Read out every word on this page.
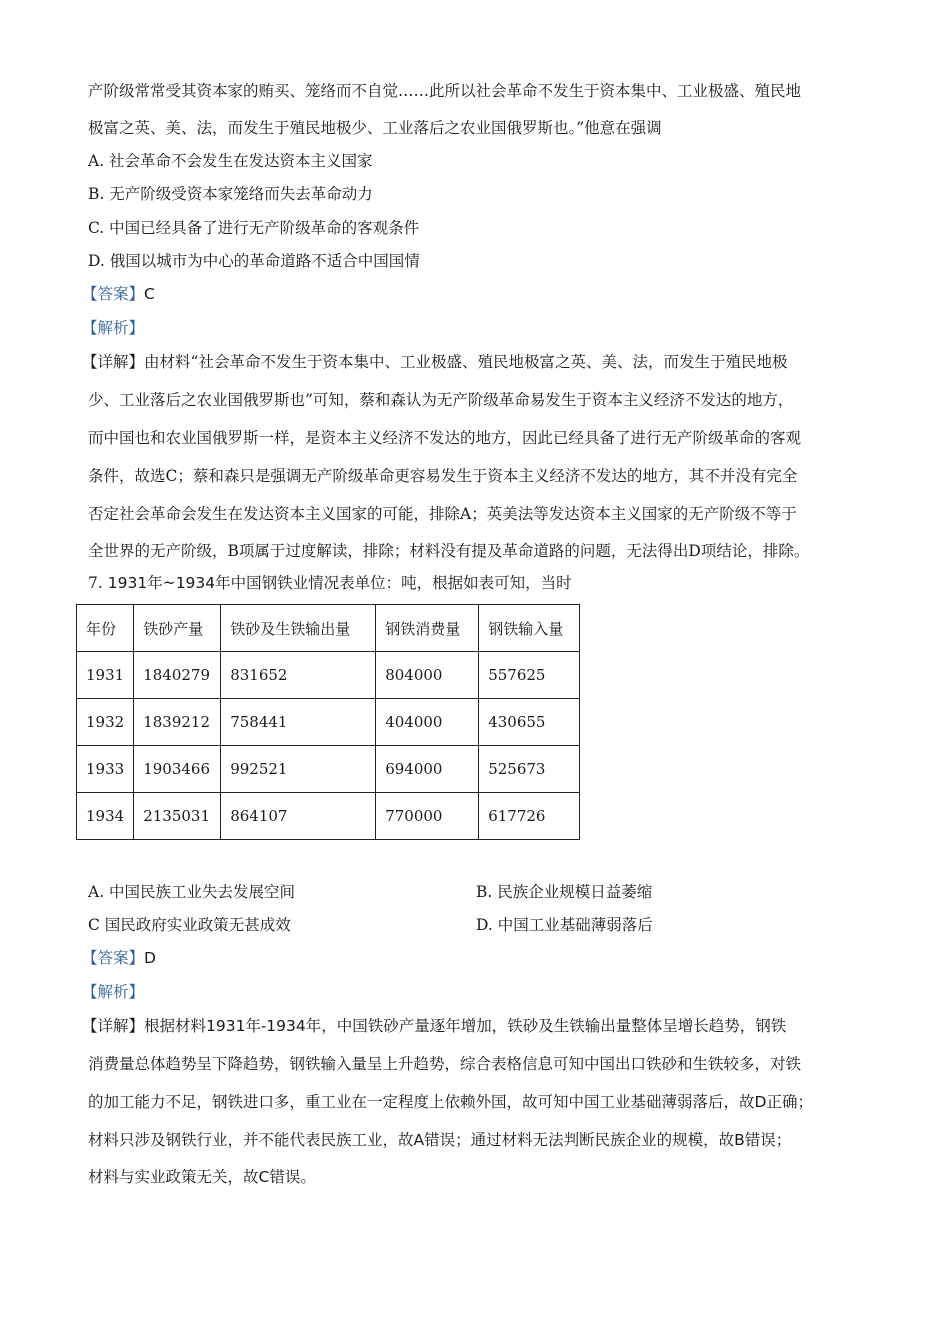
产阶级常常受其资本家的贿买、笼络而不自觉……此所以社会革命不发生于资本集中、工业极盛、殖民地
极富之英、美、法，而发生于殖民地极少、工业落后之农业国俄罗斯也。”他意在强调
A. 社会革命不会发生在发达资本主义国家
B. 无产阶级受资本家笼络而失去革命动力
C. 中国已经具备了进行无产阶级革命的客观条件
D. 俄国以城市为中心的革命道路不适合中国国情
【答案】C
【解析】
【详解】由材料“社会革命不发生于资本集中、工业极盛、殖民地极富之英、美、法，而发生于殖民地极
少、工业落后之农业国俄罗斯也”可知，蔡和森认为无产阶级革命易发生于资本主义经济不发达的地方，
而中国也和农业国俄罗斯一样，是资本主义经济不发达的地方，因此已经具备了进行无产阶级革命的客观
条件，故选C；蔡和森只是强调无产阶级革命更容易发生于资本主义经济不发达的地方，其不并没有完全
否定社会革命会发生在发达资本主义国家的可能，排除A；英美法等发达资本主义国家的无产阶级不等于
全世界的无产阶级，B项属于过度解读，排除；材料没有提及革命道路的问题，无法得出D项结论，排除。
7. 1931年~1934年中国钢铁业情况表单位：吨，根据如表可知，当时
年份	铁砂产量	铁砂及生铁输出量	钢铁消费量	钢铁输入量
1931	1840279	831652	804000	557625
1932	1839212	758441	404000	430655
1933	1903466	992521	694000	525673
1934	2135031	864107	770000	617726
A. 中国民族工业失去发展空间	B. 民族企业规模日益萎缩
C 国民政府实业政策无甚成效	D. 中国工业基础薄弱落后
【答案】D
【解析】
【详解】根据材料1931年-1934年，中国铁砂产量逐年增加，铁砂及生铁输出量整体呈增长趋势，钢铁
消费量总体趋势呈下降趋势，钢铁输入量呈上升趋势，综合表格信息可知中国出口铁砂和生铁较多，对铁
的加工能力不足，钢铁进口多，重工业在一定程度上依赖外国，故可知中国工业基础薄弱落后，故D正确；
材料只涉及钢铁行业，并不能代表民族工业，故A错误；通过材料无法判断民族企业的规模，故B错误；
材料与实业政策无关，故C错误。
